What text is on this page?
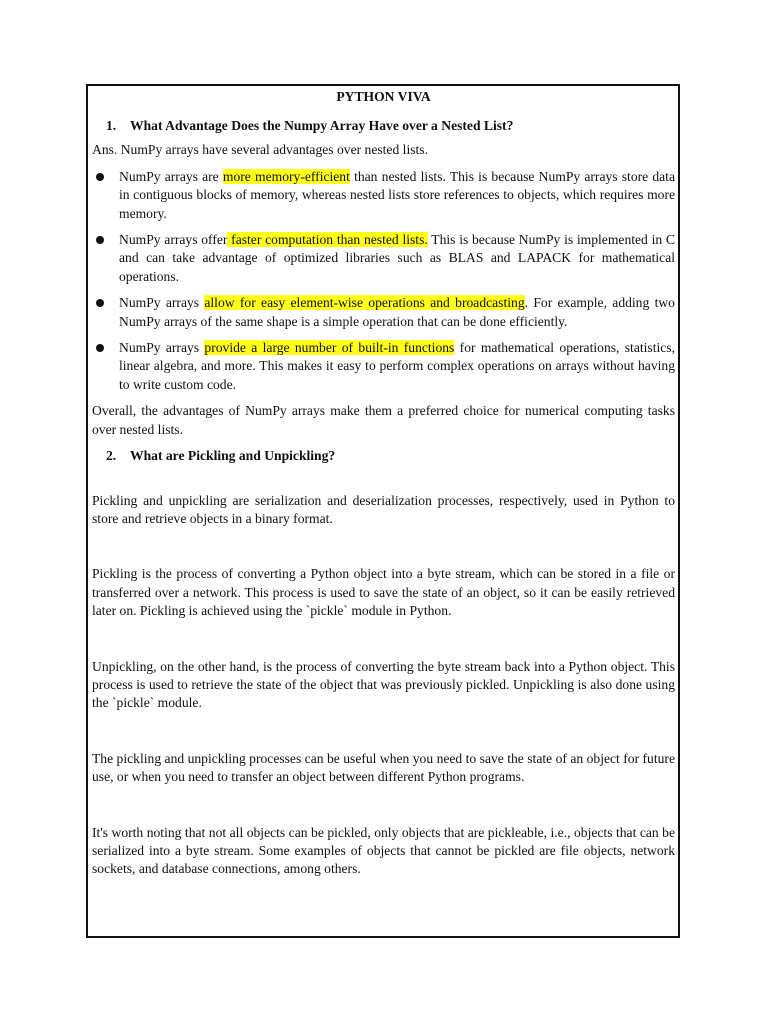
PYTHON VIVA

1. What Advantage Does the Numpy Array Have over a Nested List?

Ans. NumPy arrays have several advantages over nested lists.

NumPy arrays are more memory-efficient than nested lists. This is because NumPy arrays store data in contiguous blocks of memory, whereas nested lists store references to objects, which requires more memory.
NumPy arrays offer faster computation than nested lists. This is because NumPy is implemented in C and can take advantage of optimized libraries such as BLAS and LAPACK for mathematical operations.
NumPy arrays allow for easy element-wise operations and broadcasting. For example, adding two NumPy arrays of the same shape is a simple operation that can be done efficiently.
NumPy arrays provide a large number of built-in functions for mathematical operations, statistics, linear algebra, and more. This makes it easy to perform complex operations on arrays without having to write custom code.

Overall, the advantages of NumPy arrays make them a preferred choice for numerical computing tasks over nested lists.

2. What are Pickling and Unpickling?

Pickling and unpickling are serialization and deserialization processes, respectively, used in Python to store and retrieve objects in a binary format.

Pickling is the process of converting a Python object into a byte stream, which can be stored in a file or transferred over a network. This process is used to save the state of an object, so it can be easily retrieved later on. Pickling is achieved using the `pickle` module in Python.

Unpickling, on the other hand, is the process of converting the byte stream back into a Python object. This process is used to retrieve the state of the object that was previously pickled. Unpickling is also done using the `pickle` module.

The pickling and unpickling processes can be useful when you need to save the state of an object for future use, or when you need to transfer an object between different Python programs.

It's worth noting that not all objects can be pickled, only objects that are pickleable, i.e., objects that can be serialized into a byte stream. Some examples of objects that cannot be pickled are file objects, network sockets, and database connections, among others.
